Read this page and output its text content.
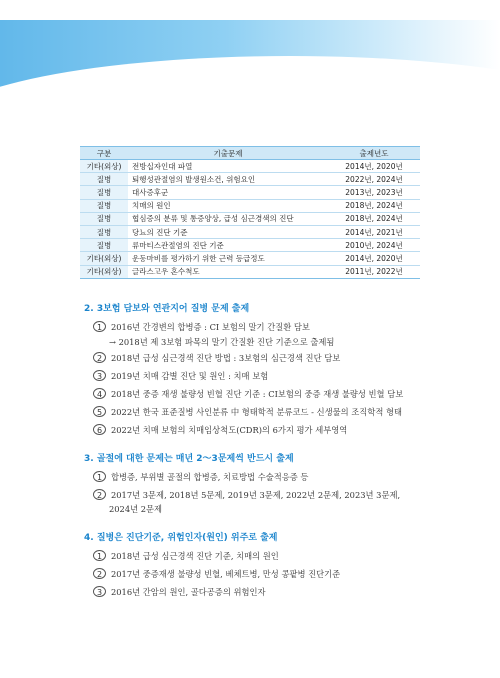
출제경향분석
구분	기출문제	출제년도
기타(외상)	전방십자인대 파열	2014년, 2020년
질병	퇴행성관절염의 발생원소건, 위험요인	2022년, 2024년
질병	대사증후군	2013년, 2023년
질병	치매의 원인	2018년, 2024년
질병	협심증의 분류 및 통증양상, 급성 심근경색의 진단	2018년, 2024년
질병	당뇨의 진단 기준	2014년, 2021년
질병	류마티스관절염의 진단 기준	2010년, 2024년
기타(외상)	운동마비를 평가하기 위한 근력 등급정도	2014년, 2020년
기타(외상)	글라스고우 혼수척도	2011년, 2022년
2. 3보험 담보와 연관지어 질병 문제 출제
1 2016년 간경변의 합병증 : CI 보험의 말기 간질환 담보
→ 2018년 제 3보험 파목의 말기 간질환 진단 기준으로 출제됨
2 2018년 급성 심근경색 진단 방법 : 3보험의 심근경색 진단 담보
3 2019년 치매 감별 진단 및 원인 : 치매 보험
4 2018년 중증 재생 불량성 빈혈 진단 기준 : CI보험의 중증 재생 불량성 빈혈 담보
5 2022년 한국 표준질병 사인분류 中 형태학적 분류코드 - 신생물의 조직학적 형태
6 2022년 치매 보험의 치매임상척도(CDR)의 6가지 평가 세부영역
3. 골절에 대한 문제는 매년 2～3문제씩 반드시 출제
1 합병증, 부위별 골절의 합병증, 치료방법 수술적응증 등
2 2017년 3문제, 2018년 5문제, 2019년 3문제, 2022년 2문제, 2023년 3문제,
2024년 2문제
4. 질병은 진단기준, 위험인자(원인) 위주로 출제
1 2018년 급성 심근경색 진단 기준, 치매의 원인
2 2017년 중증재생 불량성 빈혈, 베체트병, 만성 콩팥병 진단기준
3 2016년 간암의 원인, 골다공증의 위험인자
